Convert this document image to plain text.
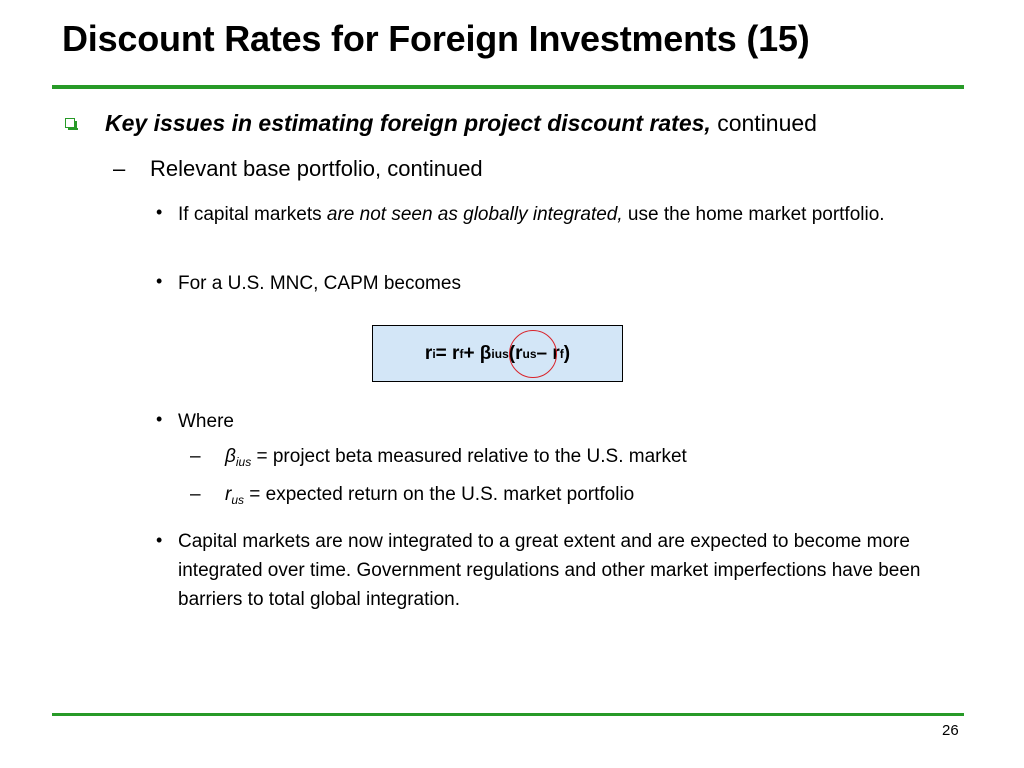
Discount Rates for Foreign Investments (15)
Key issues in estimating foreign project discount rates, continued
– Relevant base portfolio, continued
• If capital markets are not seen as globally integrated, use the home market portfolio.
• For a U.S. MNC, CAPM becomes
r i = r f + β ius (r us – r f )
• Where
– $\beta_{ius}$ = project beta measured relative to the U.S. market
– $r_{us}$ = expected return on the U.S. market portfolio
• Capital markets are now integrated to a great extent and are expected to become more integrated over time. Government regulations and other market imperfections have been barriers to total global integration.
26
